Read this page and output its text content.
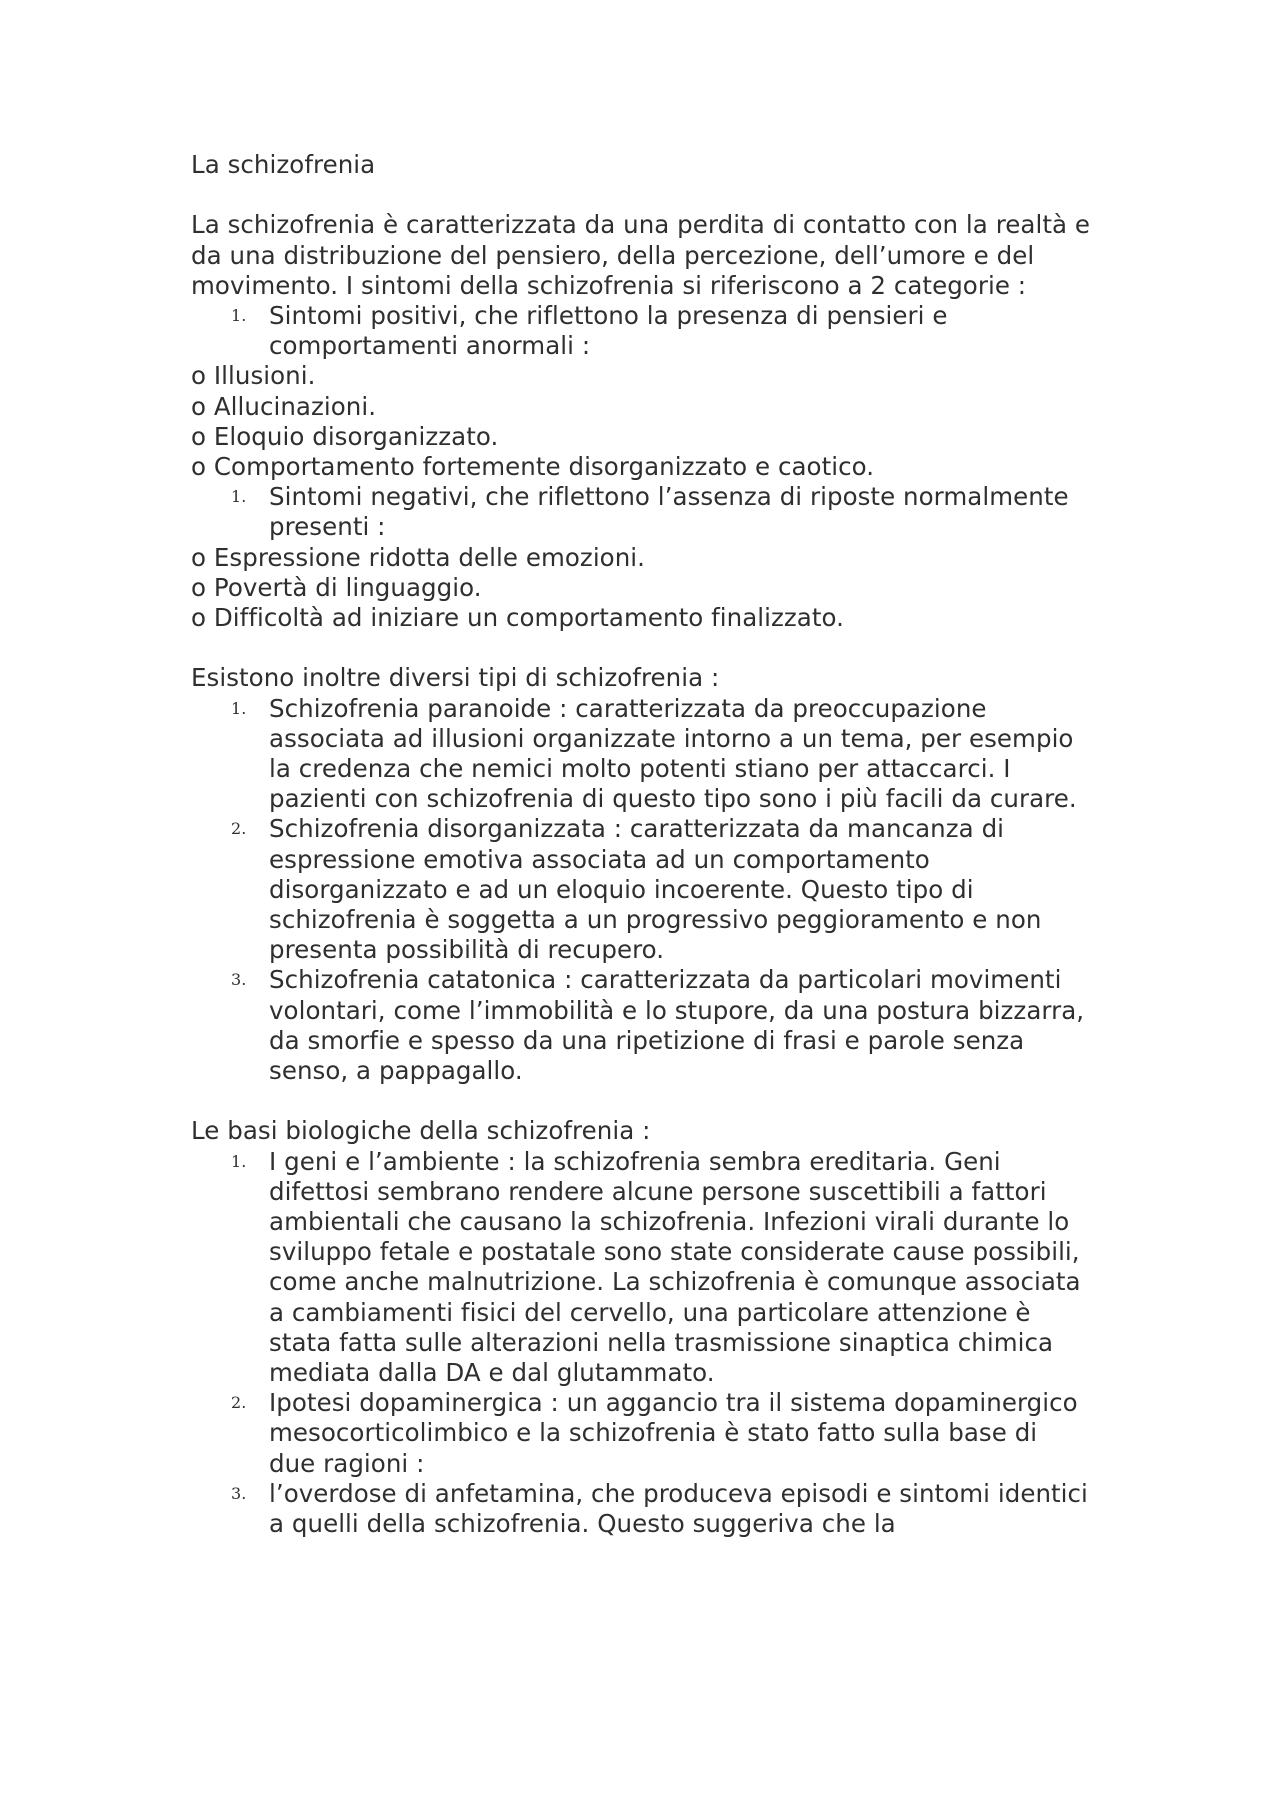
La schizofrenia

La schizofrenia è caratterizzata da una perdita di contatto con la realtà e da una distribuzione del pensiero, della percezione, dell’umore e del movimento. I sintomi della schizofrenia si riferiscono a 2 categorie :

1. Sintomi positivi, che riflettono la presenza di pensieri e comportamenti anormali :

o Illusioni.

o Allucinazioni.

o Eloquio disorganizzato.

o Comportamento fortemente disorganizzato e caotico.

1. Sintomi negativi, che riflettono l’assenza di riposte normalmente presenti :

o Espressione ridotta delle emozioni.

o Povertà di linguaggio.

o Difficoltà ad iniziare un comportamento finalizzato.

Esistono inoltre diversi tipi di schizofrenia :

1. Schizofrenia paranoide : caratterizzata da preoccupazione associata ad illusioni organizzate intorno a un tema, per esempio la credenza che nemici molto potenti stiano per attaccarci. I pazienti con schizofrenia di questo tipo sono i più facili da curare.
2. Schizofrenia disorganizzata : caratterizzata da mancanza di espressione emotiva associata ad un comportamento disorganizzato e ad un eloquio incoerente. Questo tipo di schizofrenia è soggetta a un progressivo peggioramento e non presenta possibilità di recupero.
3. Schizofrenia catatonica : caratterizzata da particolari movimenti volontari, come l’immobilità e lo stupore, da una postura bizzarra, da smorfie e spesso da una ripetizione di frasi e parole senza senso, a pappagallo.

Le basi biologiche della schizofrenia :

1. I geni e l’ambiente : la schizofrenia sembra ereditaria. Geni difettosi sembrano rendere alcune persone suscettibili a fattori ambientali che causano la schizofrenia. Infezioni virali durante lo sviluppo fetale e postatale sono state considerate cause possibili, come anche malnutrizione. La schizofrenia è comunque associata a cambiamenti fisici del cervello, una particolare attenzione è stata fatta sulle alterazioni nella trasmissione sinaptica chimica mediata dalla DA e dal glutammato.
2. Ipotesi dopaminergica : un aggancio tra il sistema dopaminergico mesocorticolimbico e la schizofrenia è stato fatto sulla base di due ragioni :
3. l’overdose di anfetamina, che produceva episodi e sintomi identici a quelli della schizofrenia. Questo suggeriva che la
